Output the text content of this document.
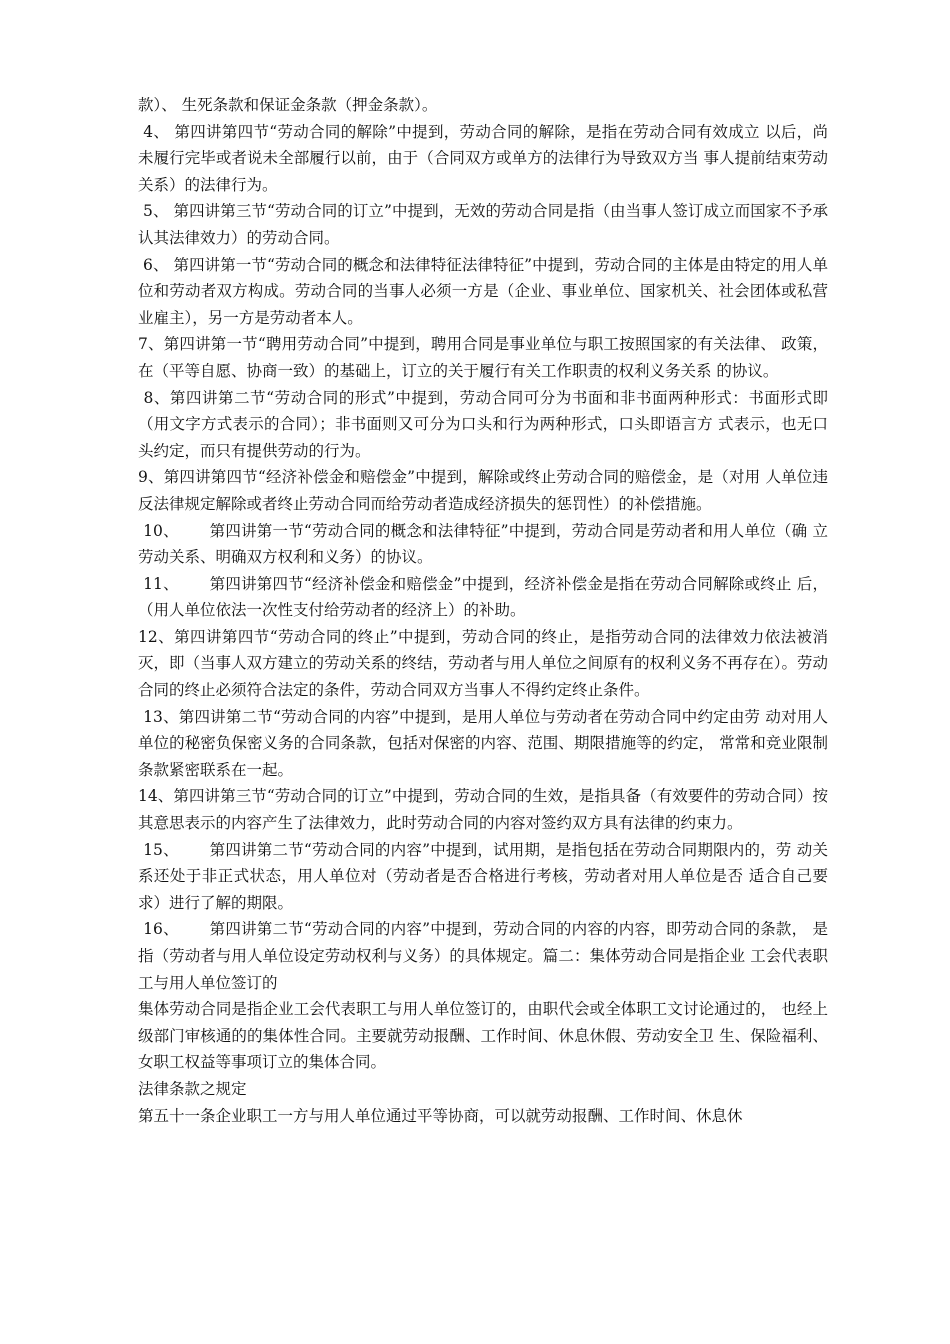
款）、 生死条款和保证金条款（押金条款）。

4、 第四讲第四节“劳动合同的解除”中提到，劳动合同的解除，是指在劳动合同有效成立 以后，尚未履行完毕或者说未全部履行以前，由于（合同双方或单方的法律行为导致双方当 事人提前结束劳动关系）的法律行为。

5、 第四讲第三节“劳动合同的订立”中提到，无效的劳动合同是指（由当事人签订成立而国家不予承认其法律效力）的劳动合同。

6、 第四讲第一节“劳动合同的概念和法律特征法律特征”中提到，劳动合同的主体是由特定的用人单位和劳动者双方构成。劳动合同的当事人必须一方是（企业、事业单位、国家机关、社会团体或私营业雇主），另一方是劳动者本人。

7、第四讲第一节“聘用劳动合同”中提到，聘用合同是事业单位与职工按照国家的有关法律、 政策，在（平等自愿、协商一致）的基础上，订立的关于履行有关工作职责的权利义务关系 的协议。

8、第四讲第二节“劳动合同的形式”中提到，劳动合同可分为书面和非书面两种形式：书面形式即（用文字方式表示的合同）；非书面则又可分为口头和行为两种形式，口头即语言方 式表示，也无口头约定，而只有提供劳动的行为。

9、第四讲第四节“经济补偿金和赔偿金”中提到，解除或终止劳动合同的赔偿金，是（对用 人单位违反法律规定解除或者终止劳动合同而给劳动者造成经济损失的惩罚性）的补偿措施。

10、      第四讲第一节“劳动合同的概念和法律特征”中提到，劳动合同是劳动者和用人单位（确 立劳动关系、明确双方权利和义务）的协议。

11、      第四讲第四节“经济补偿金和赔偿金”中提到，经济补偿金是指在劳动合同解除或终止 后，（用人单位依法一次性支付给劳动者的经济上）的补助。

12、第四讲第四节“劳动合同的终止”中提到，劳动合同的终止，是指劳动合同的法律效力依法被消灭，即（当事人双方建立的劳动关系的终结，劳动者与用人单位之间原有的权利义务不再存在）。劳动合同的终止必须符合法定的条件，劳动合同双方当事人不得约定终止条件。

13、第四讲第二节“劳动合同的内容”中提到，是用人单位与劳动者在劳动合同中约定由劳 动对用人单位的秘密负保密义务的合同条款，包括对保密的内容、范围、期限措施等的约定， 常常和竞业限制条款紧密联系在一起。

14、第四讲第三节“劳动合同的订立”中提到，劳动合同的生效，是指具备（有效要件的劳动合同）按其意思表示的内容产生了法律效力，此时劳动合同的内容对签约双方具有法律的约束力。

15、      第四讲第二节“劳动合同的内容”中提到，试用期，是指包括在劳动合同期限内的，劳 动关系还处于非正式状态，用人单位对（劳动者是否合格进行考核，劳动者对用人单位是否 适合自己要求）进行了解的期限。

16、      第四讲第二节“劳动合同的内容”中提到，劳动合同的内容的内容，即劳动合同的条款， 是指（劳动者与用人单位设定劳动权利与义务）的具体规定。篇二：集体劳动合同是指企业 工会代表职工与用人单位签订的

集体劳动合同是指企业工会代表职工与用人单位签订的，由职代会或全体职工文讨论通过的， 也经上级部门审核通的的集体性合同。主要就劳动报酬、工作时间、休息休假、劳动安全卫 生、保险福利、女职工权益等事项订立的集体合同。

法律条款之规定

第五十一条企业职工一方与用人单位通过平等协商，可以就劳动报酬、工作时间、休息休
